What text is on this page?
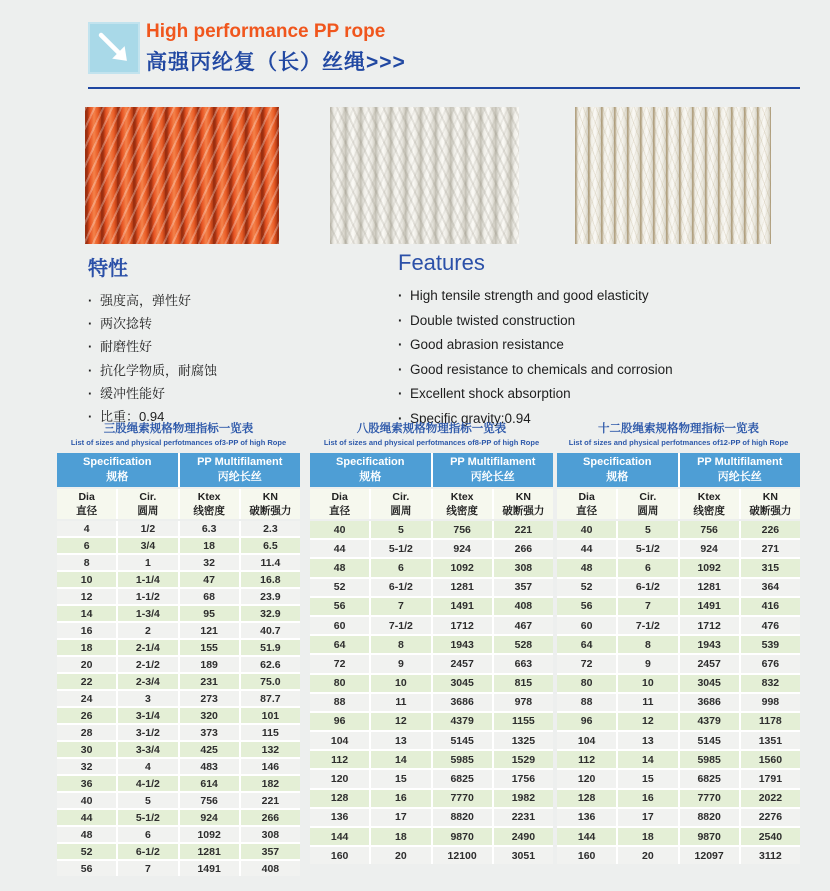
High performance PP rope
高强丙纶复（长）丝绳>>>
特性
· 强度高，弹性好
· 两次捻转
· 耐磨性好
· 抗化学物质，耐腐蚀
· 缓冲性能好
· 比重：0.94
Features
· High tensile strength and good elasticity
· Double twisted construction
· Good abrasion resistance
· Good resistance to chemicals and corrosion
· Excellent shock absorption
· Specific gravity:0.94
三股绳索规格物理指标一览表
List of sizes and physical perfotmances of3-PP of high Rope
Specification
规格
PP Multifilament
丙纶长丝
Dia
直径
Cir.
圆周
Ktex
线密度
KN
破断强力
4	1/2	6.3	2.3
6	3/4	18	6.5
8	1	32	11.4
10	1-1/4	47	16.8
12	1-1/2	68	23.9
14	1-3/4	95	32.9
16	2	121	40.7
18	2-1/4	155	51.9
20	2-1/2	189	62.6
22	2-3/4	231	75.0
24	3	273	87.7
26	3-1/4	320	101
28	3-1/2	373	115
30	3-3/4	425	132
32	4	483	146
36	4-1/2	614	182
40	5	756	221
44	5-1/2	924	266
48	6	1092	308
52	6-1/2	1281	357
56	7	1491	408
八股绳索规格物理指标一览表
List of sizes and physical perfotmances of8-PP of high Rope
Specification
规格
PP Multifilament
丙纶长丝
Dia
直径
Cir.
圆周
Ktex
线密度
KN
破断强力
40	5	756	221
44	5-1/2	924	266
48	6	1092	308
52	6-1/2	1281	357
56	7	1491	408
60	7-1/2	1712	467
64	8	1943	528
72	9	2457	663
80	10	3045	815
88	11	3686	978
96	12	4379	1155
104	13	5145	1325
112	14	5985	1529
120	15	6825	1756
128	16	7770	1982
136	17	8820	2231
144	18	9870	2490
160	20	12100	3051
十二股绳索规格物理指标一览表
List of sizes and physical perfotmances of12-PP of high Rope
Specification
规格
PP Multifilament
丙纶长丝
Dia
直径
Cir.
圆周
Ktex
线密度
KN
破断强力
40	5	756	226
44	5-1/2	924	271
48	6	1092	315
52	6-1/2	1281	364
56	7	1491	416
60	7-1/2	1712	476
64	8	1943	539
72	9	2457	676
80	10	3045	832
88	11	3686	998
96	12	4379	1178
104	13	5145	1351
112	14	5985	1560
120	15	6825	1791
128	16	7770	2022
136	17	8820	2276
144	18	9870	2540
160	20	12097	3112
